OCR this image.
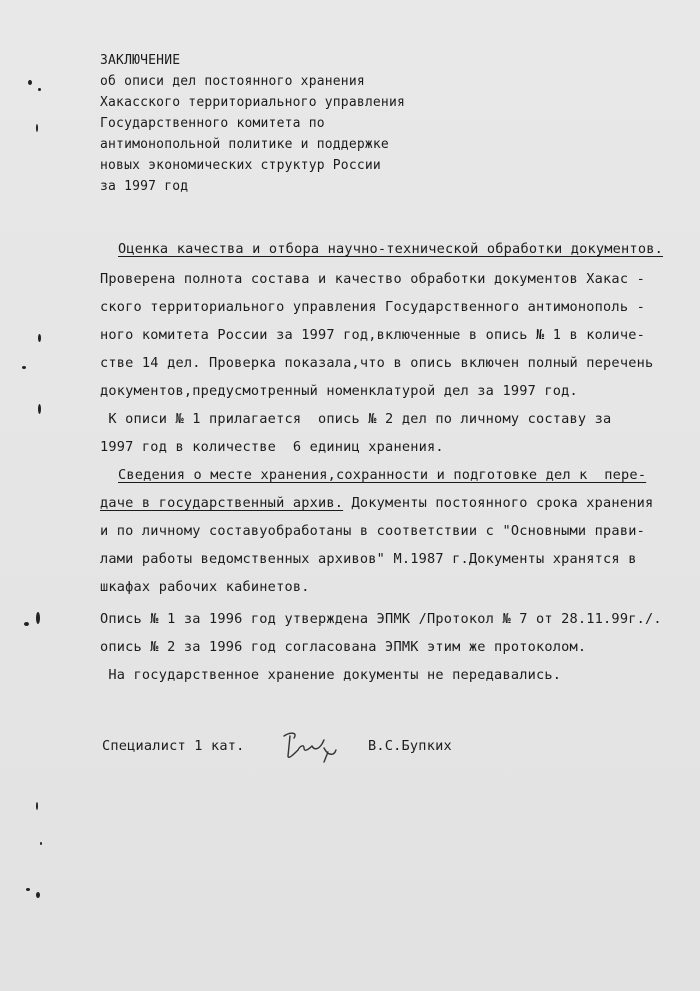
ЗАКЛЮЧЕНИЕ
об описи дел постоянного хранения
Хакасского территориального управления
Государственного комитета по
антимонопольной политике и поддержке
новых экономических структур России
за 1997 год
Оценка качества и отбора научно-технической обработки документов.
Проверена полнота состава и качество обработки документов Хакас -
ского территориального управления Государственного антимонополь -
ного комитета России за 1997 год,включенные в опись № 1 в количе-
стве 14 дел. Проверка показала,что в опись включен полный перечень
документов,предусмотренный номенклатурой дел за 1997 год.
К описи № 1 прилагается  опись № 2 дел по личному составу за
1997 год в количестве  6 единиц хранения.
Сведения о месте хранения,сохранности и подготовке дел к  пере-
даче в государственный архив. Документы постоянного срока хранения
и по личному составуобработаны в соответствии с "Основными прави-
лами работы ведомственных архивов" М.1987 г.Документы хранятся в
шкафах рабочих кабинетов.
Опись № 1 за 1996 год утверждена ЭПМК /Протокол № 7 от 28.11.99г./.
опись № 2 за 1996 год согласована ЭПМК этим же протоколом.
На государственное хранение документы не передавались.
Специалист 1 кат.	В.С.Бупких
